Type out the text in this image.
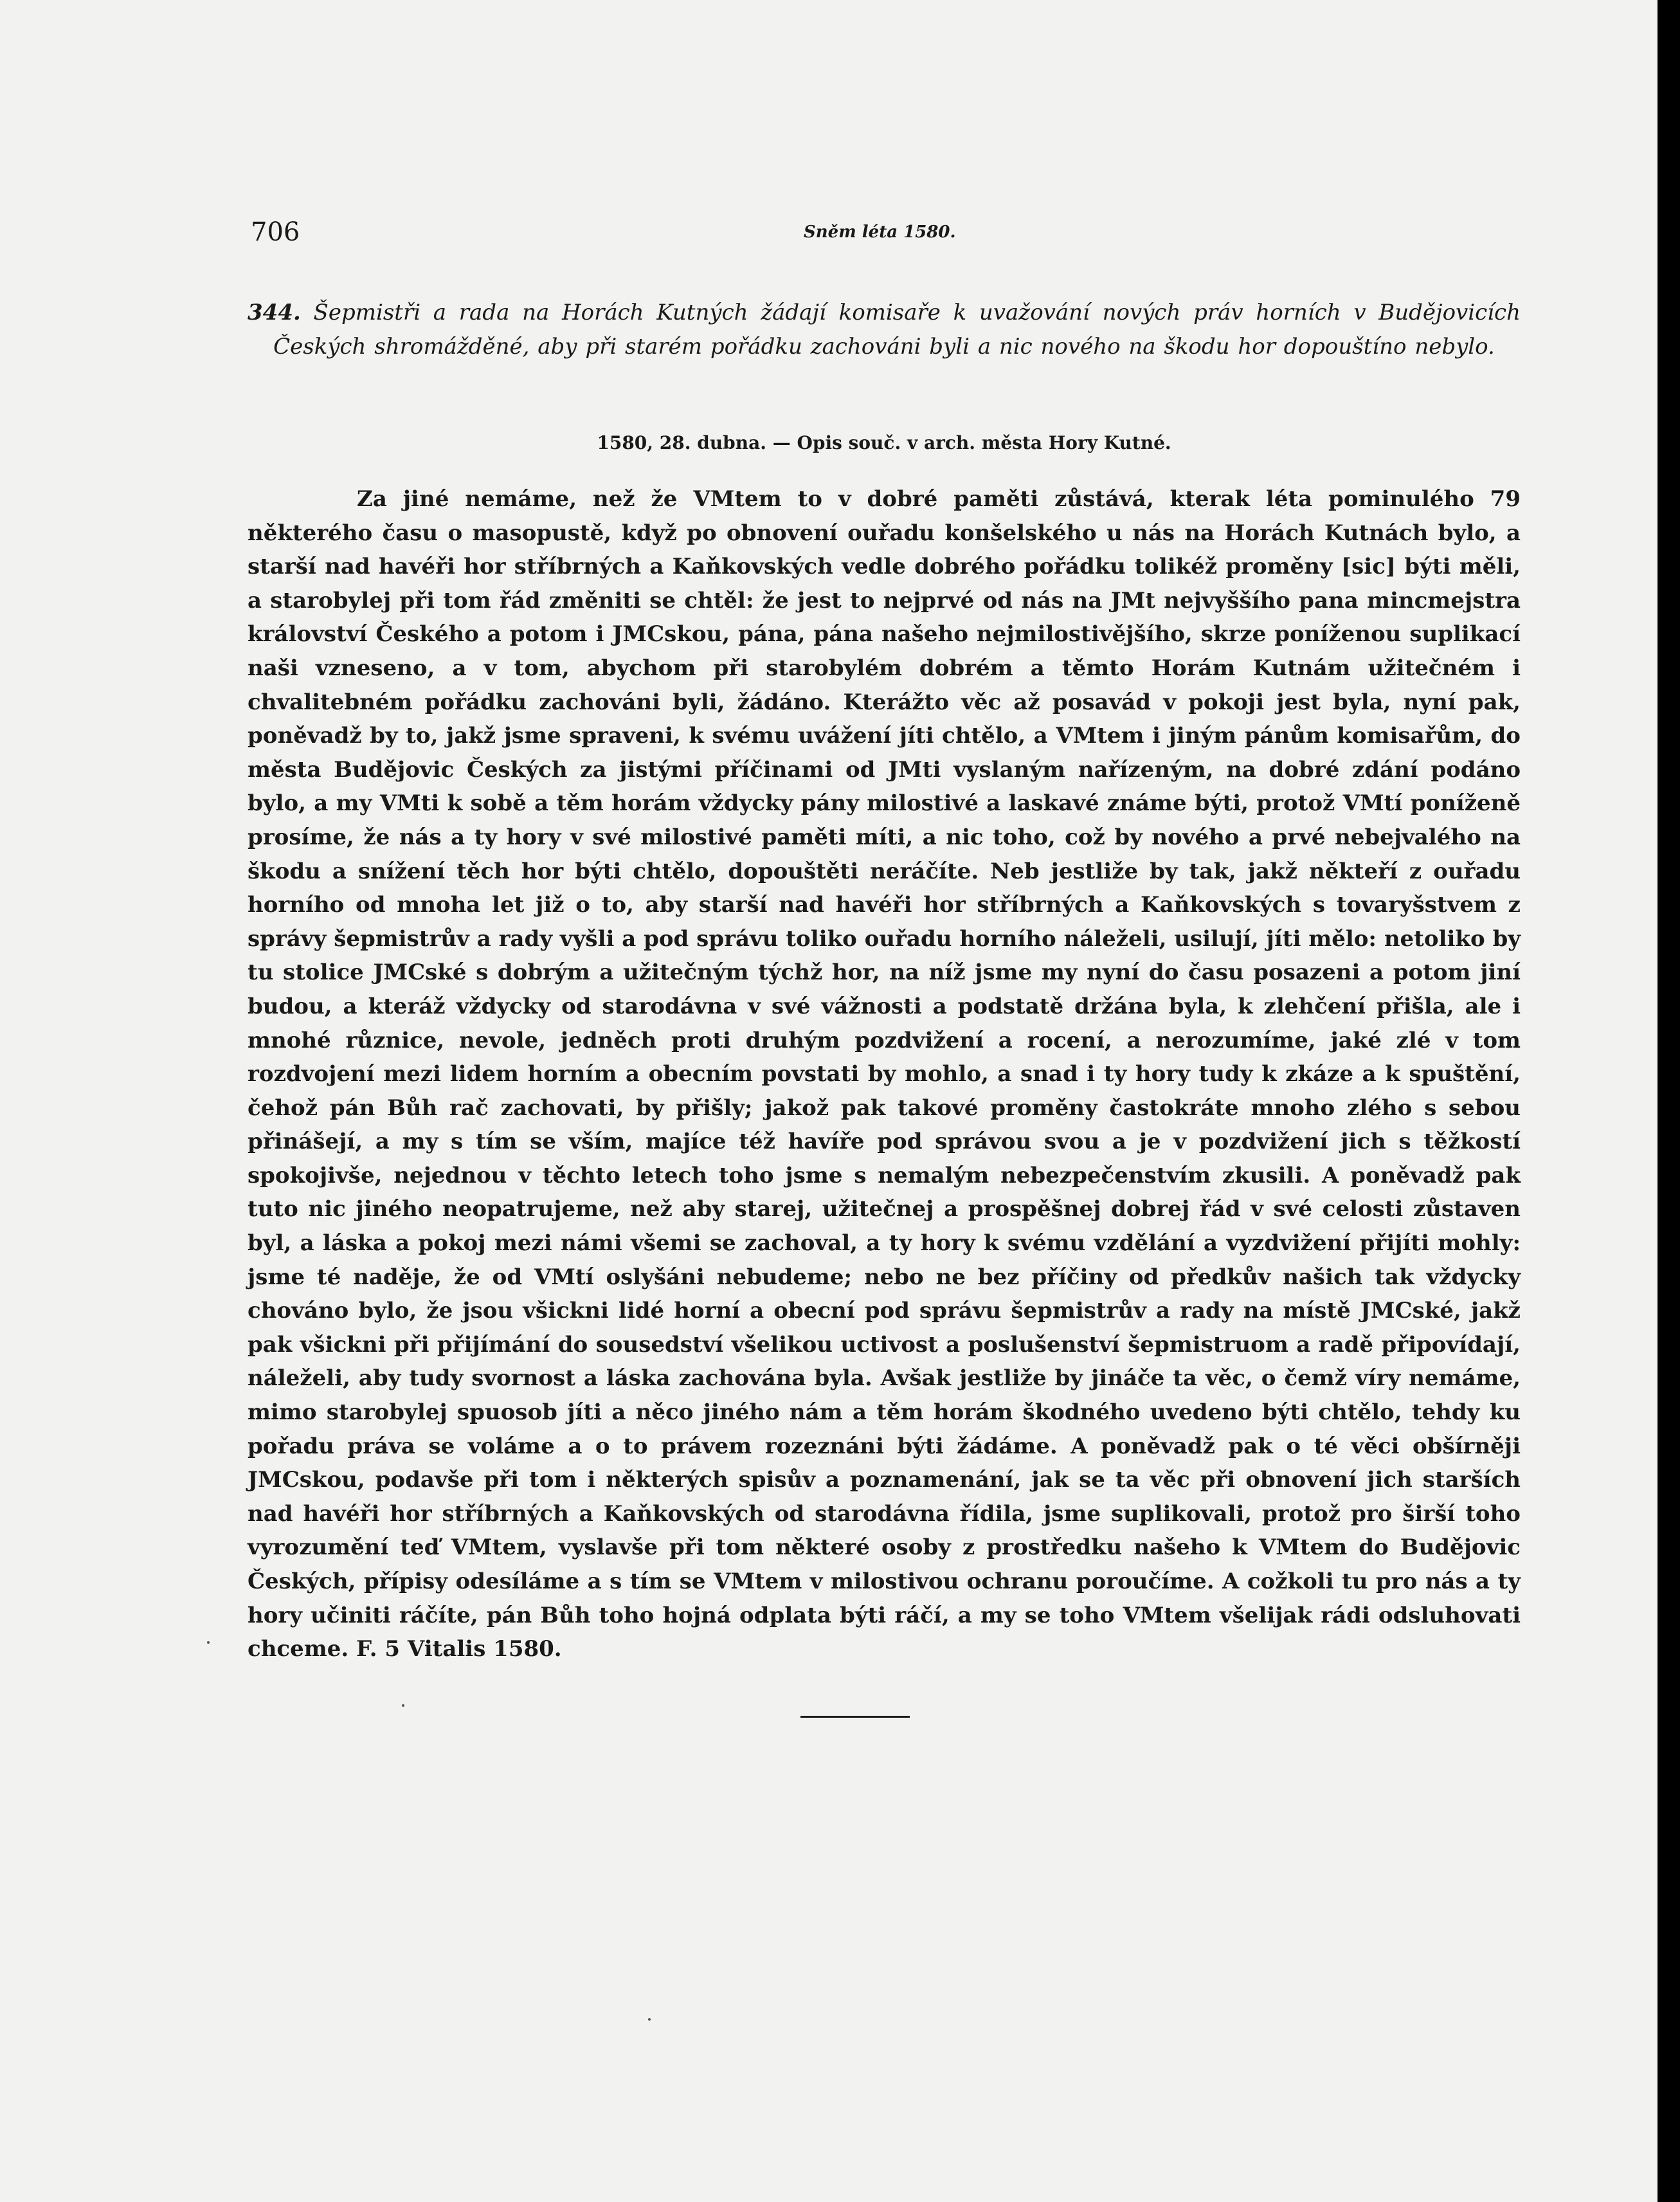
706	Sněm léta 1580.
344. Šepmistři a rada na Horách Kutných žádají komisaře k uvažování nových práv horních v Budějovicích Českých shromážděné, aby při starém pořádku zachováni byli a nic nového na škodu hor dopouštíno nebylo.
1580, 28. dubna. — Opis souč. v arch. města Hory Kutné.

Za jiné nemáme, než že VMtem to v dobré paměti zůstává, kterak léta pominulého 79 některého času o masopustě, když po obnovení ouřadu konšelského u nás na Horách Kutnách bylo, a starší nad havéři hor stříbrných a Kaňkovských vedle dobrého pořádku tolikéž proměny [sic] býti měli, a starobylej při tom řád změniti se chtěl: že jest to nejprvé od nás na JMt nejvyššího pana mincmejstra království Českého a potom i JMCskou, pána, pána našeho nejmilostivějšího, skrze poníženou suplikací naši vzneseno, a v tom, abychom při starobylém dobrém a těmto Horám Kutnám užitečném i chvalitebném pořádku zachováni byli, žádáno. Kterážto věc až posavád v pokoji jest byla, nyní pak, poněvadž by to, jakž jsme spraveni, k svému uvážení jíti chtělo, a VMtem i jiným pánům komisařům, do města Budějovic Českých za jistými příčinami od JMti vyslaným nařízeným, na dobré zdání podáno bylo, a my VMti k sobě a těm horám vždycky pány milostivé a laskavé známe býti, protož VMtí poníženě prosíme, že nás a ty hory v své milostivé paměti míti, a nic toho, což by nového a prvé nebejvalého na škodu a snížení těch hor býti chtělo, dopouštěti neráčíte. Neb jestliže by tak, jakž někteří z ouřadu horního od mnoha let již o to, aby starší nad havéři hor stříbrných a Kaňkovských s tovaryšstvem z správy šepmistrův a rady vyšli a pod správu toliko ouřadu horního náleželi, usilují, jíti mělo: netoliko by tu stolice JMCské s dobrým a užitečným týchž hor, na níž jsme my nyní do času posazeni a potom jiní budou, a kteráž vždycky od starodávna v své vážnosti a podstatě držána byla, k zlehčení přišla, ale i mnohé různice, nevole, jedněch proti druhým pozdvižení a rocení, a nerozumíme, jaké zlé v tom rozdvojení mezi lidem horním a obecním povstati by mohlo, a snad i ty hory tudy k zkáze a k spuštění, čehož pán Bůh rač zachovati, by přišly; jakož pak takové proměny častokráte mnoho zlého s sebou přinášejí, a my s tím se vším, majíce též havíře pod správou svou a je v pozdvižení jich s těžkostí spokojivše, nejednou v těchto letech toho jsme s nemalým nebezpečenstvím zkusili. A poněvadž pak tuto nic jiného neopatrujeme, než aby starej, užitečnej a prospěšnej dobrej řád v své celosti zůstaven byl, a láska a pokoj mezi námi všemi se zachoval, a ty hory k svému vzdělání a vyzdvižení přijíti mohly: jsme té naděje, že od VMtí oslyšáni nebudeme; nebo ne bez příčiny od předkův našich tak vždycky chováno bylo, že jsou všickni lidé horní a obecní pod správu šepmistrův a rady na místě JMCské, jakž pak všickni při přijímání do sousedství všelikou uctivost a poslušenství šepmistruom a radě připovídají, náleželi, aby tudy svornost a láska zachována byla. Avšak jestliže by jináče ta věc, o čemž víry nemáme, mimo starobylej spuosob jíti a něco jiného nám a těm horám škodného uvedeno býti chtělo, tehdy ku pořadu práva se voláme a o to právem rozeznáni býti žádáme. A poněvadž pak o té věci obšírněji JMCskou, podavše při tom i některých spisův a poznamenání, jak se ta věc při obnovení jich starších nad havéři hor stříbrných a Kaňkovských od starodávna řídila, jsme suplikovali, protož pro širší toho vyrozumění teď VMtem, vyslavše při tom některé osoby z prostředku našeho k VMtem do Budějovic Českých, přípisy odesíláme a s tím se VMtem v milostivou ochranu poroučíme. A cožkoli tu pro nás a ty hory učiniti ráčíte, pán Bůh toho hojná odplata býti ráčí, a my se toho VMtem všelijak rádi odsluhovati chceme. F. 5 Vitalis 1580.
